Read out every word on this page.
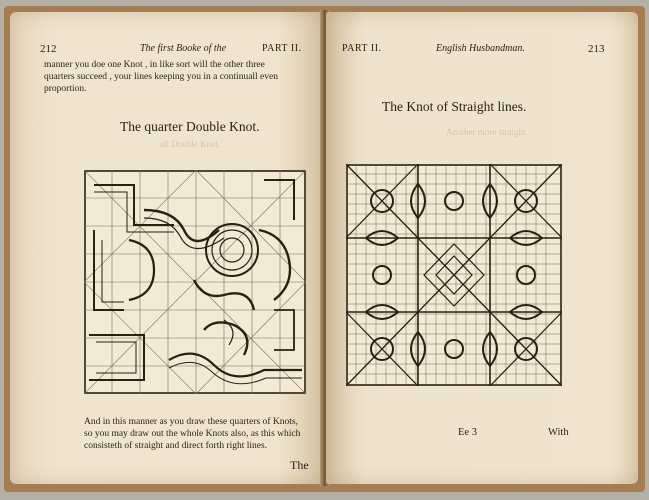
212	The first Booke of the	PART II.
manner you doe one Knot , in like sort will the other three
quarters succeed , your lines keeping you in a continuall even
proportion.
all Double Knot.
The quarter Double Knot.
And in this manner as you draw these quarters of Knots,
so you may draw out the whole Knots also, as this which
consisteth of straight and direct forth right lines.
The
PART II.	English Husbandman.	213
Another more straight
The Knot of Straight lines.
Ee 3	With
